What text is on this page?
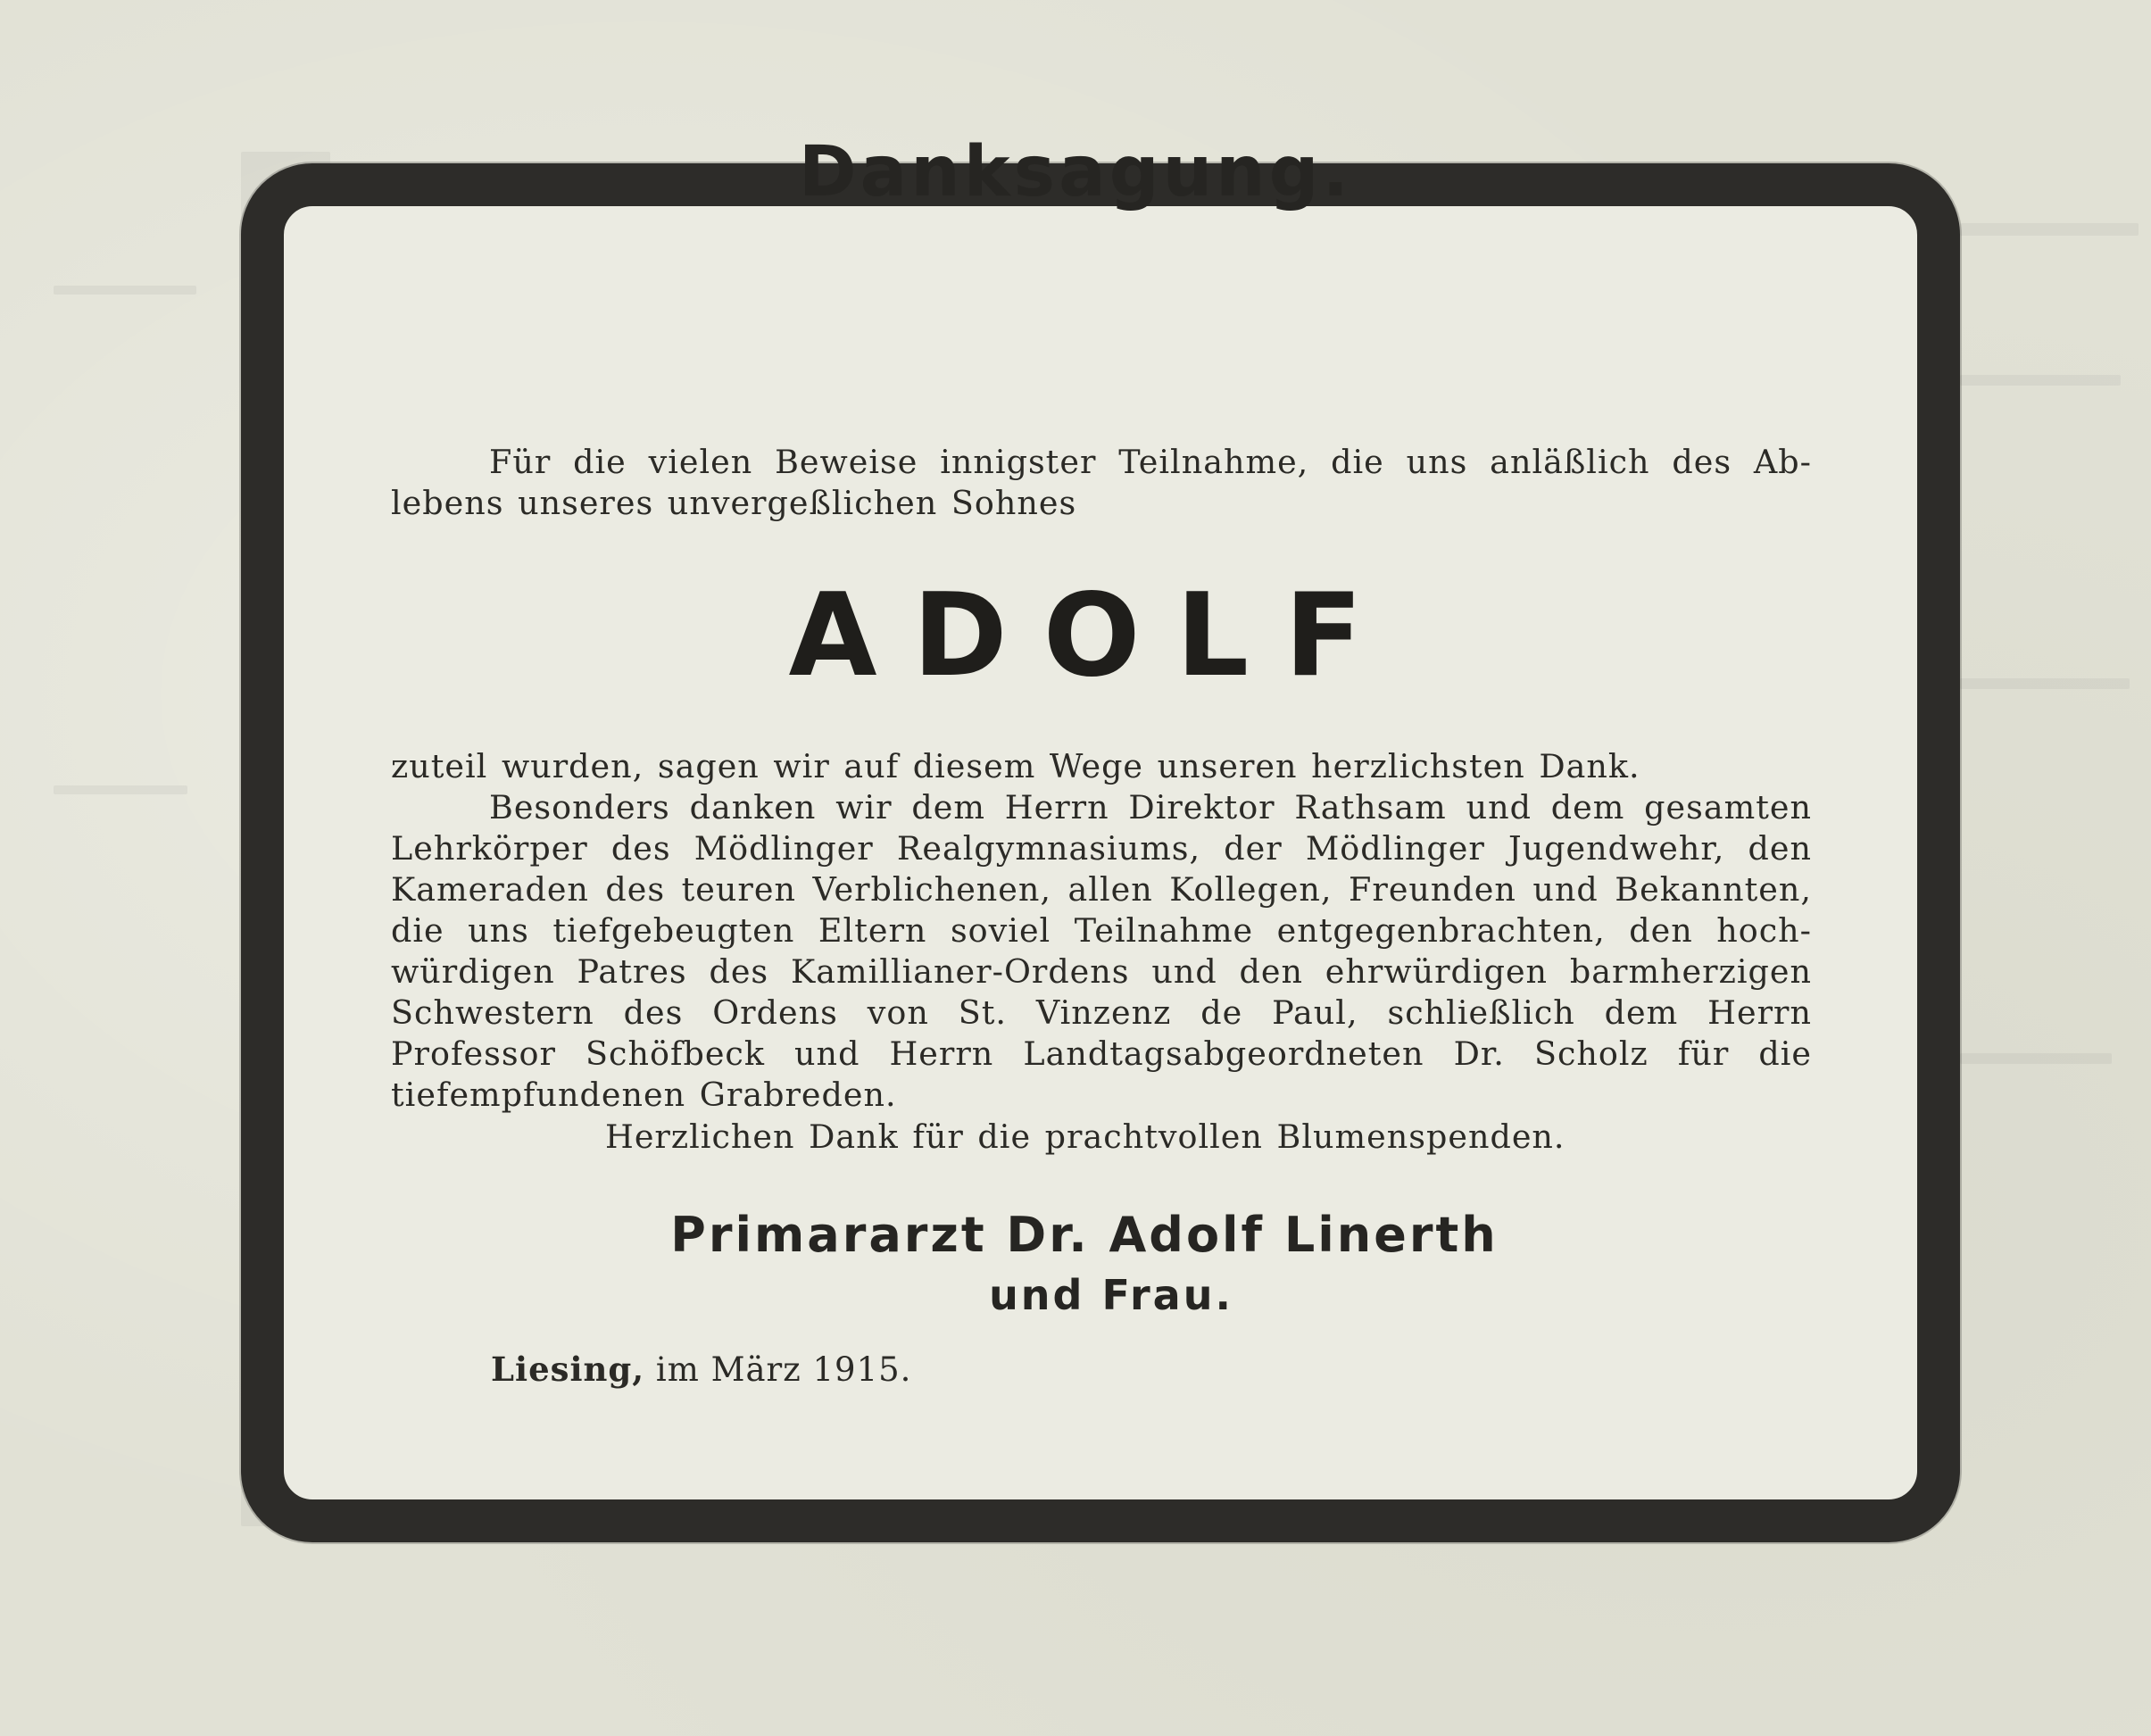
Danksagung.
Für die vielen Beweise innigster Teilnahme, die uns anläßlich des Ab-
lebens unseres unvergeßlichen Sohnes
ADOLF
zuteil wurden, sagen wir auf diesem Wege unseren herzlichsten Dank.
Besonders danken wir dem Herrn Direktor Rathsam und dem gesamten
Lehrkörper des Mödlinger Realgymnasiums, der Mödlinger Jugendwehr, den
Kameraden des teuren Verblichenen, allen Kollegen, Freunden und Bekannten,
die uns tiefgebeugten Eltern soviel Teilnahme entgegenbrachten, den hoch-
würdigen Patres des Kamillianer-Ordens und den ehrwürdigen barmherzigen
Schwestern des Ordens von St. Vinzenz de Paul, schließlich dem Herrn
Professor Schöfbeck und Herrn Landtagsabgeordneten Dr. Scholz für die
tiefempfundenen Grabreden.
Herzlichen Dank für die prachtvollen Blumenspenden.
Primararzt Dr. Adolf Linerth
und Frau.
Liesing, im März 1915.
